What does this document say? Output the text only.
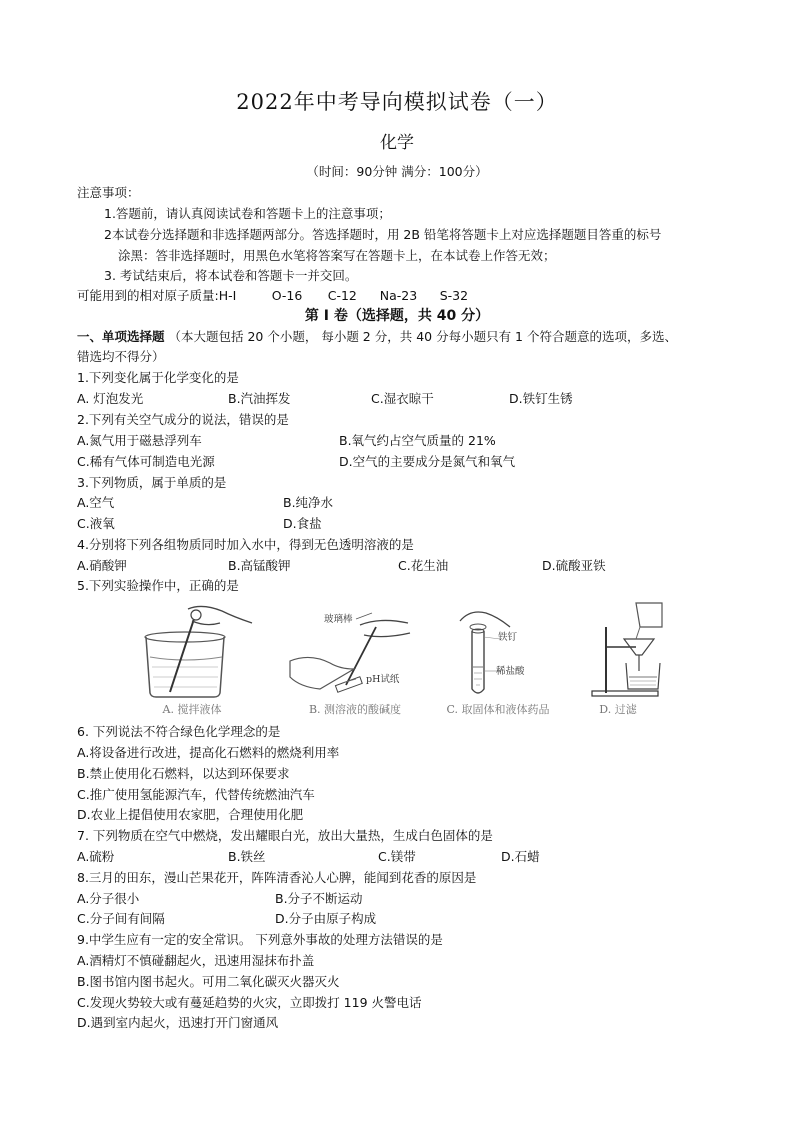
2022年中考导向模拟试卷（一）
化学
（时间：90分钟 满分：100分）
注意事项：
1.答题前，请认真阅读试卷和答题卡上的注意事项；
2本试卷分选择题和非选择题两部分。答选择题时，用 2B 铅笔将答题卡上对应选择题题目答重的标号
涂黑：答非选择题时，用黑色水笔将答案写在答题卡上，在本试卷上作答无效；
3. 考试结束后，将本试卷和答题卡一并交回。
可能用到的相对原子质量:H-I	O-16 C-12 Na-23 S-32
第 I 卷（选择题，共 40 分）
一、单项选择题 （本大题包括 20 个小题， 每小题 2 分，共 40 分每小题只有 1 个符合题意的选项，多选、
错选均不得分）
1.下列变化属于化学变化的是
A. 灯泡发光	B.汽油挥发	C.湿衣晾干	D.铁钉生锈
2.下列有关空气成分的说法，错误的是
A.氮气用于磁悬浮列车	B.氧气约占空气质量的 21%
C.稀有气体可制造电光源	D.空气的主要成分是氮气和氧气
3.下列物质，属于单质的是
A.空气	B.纯净水
C.液氧	D.食盐
4.分别将下列各组物质同时加入水中，得到无色透明溶液的是
A.硝酸钾	B.高锰酸钾	C.花生油	D.硫酸亚铁
5.下列实验操作中，正确的是
A. 搅拌液体
玻璃棒
pH试纸
B. 测溶液的酸碱度
铁钉
稀盐酸
C. 取固体和液体药品	D. 过滤
6. 下列说法不符合绿色化学理念的是
A.将设备进行改进，提高化石燃料的燃烧利用率
B.禁止使用化石燃料，以达到环保要求
C.推广使用氢能源汽车，代替传统燃油汽车
D.农业上提倡使用农家肥，合理使用化肥
7. 下列物质在空气中燃烧，发出耀眼白光，放出大量热，生成白色固体的是
A.硫粉	B.铁丝	C.镁带	D.石蜡
8.三月的田东，漫山芒果花开，阵阵清香沁人心脾，能闻到花香的原因是
A.分子很小	B.分子不断运动
C.分子间有间隔	D.分子由原子构成
9.中学生应有一定的安全常识。 下列意外事故的处理方法错误的是
A.酒精灯不慎碰翻起火，迅速用湿抹布扑盖
B.图书馆内图书起火。可用二氧化碳灭火器灭火
C.发现火势较大或有蔓延趋势的火灾，立即拨打 119 火警电话
D.遇到室内起火，迅速打开门窗通风
